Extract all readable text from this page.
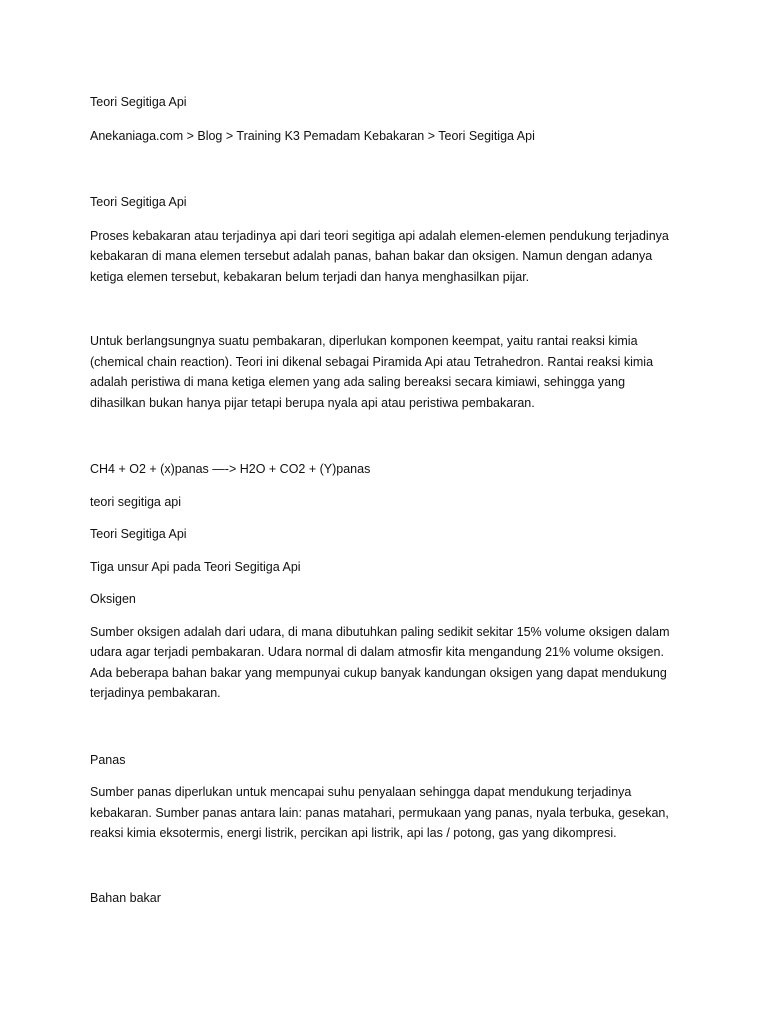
Teori Segitiga Api

Anekaniaga.com > Blog > Training K3 Pemadam Kebakaran > Teori Segitiga Api

Teori Segitiga Api

Proses kebakaran atau terjadinya api dari teori segitiga api adalah elemen-elemen pendukung terjadinya

kebakaran di mana elemen tersebut adalah panas, bahan bakar dan oksigen. Namun dengan adanya

ketiga elemen tersebut, kebakaran belum terjadi dan hanya menghasilkan pijar.

Untuk berlangsungnya suatu pembakaran, diperlukan komponen keempat, yaitu rantai reaksi kimia

(chemical chain reaction). Teori ini dikenal sebagai Piramida Api atau Tetrahedron. Rantai reaksi kimia

adalah peristiwa di mana ketiga elemen yang ada saling bereaksi secara kimiawi, sehingga yang

dihasilkan bukan hanya pijar tetapi berupa nyala api atau peristiwa pembakaran.

CH4 + O2 + (x)panas —-> H2O + CO2 + (Y)panas

teori segitiga api

Teori Segitiga Api

Tiga unsur Api pada Teori Segitiga Api

Oksigen

Sumber oksigen adalah dari udara, di mana dibutuhkan paling sedikit sekitar 15% volume oksigen dalam

udara agar terjadi pembakaran. Udara normal di dalam atmosfir kita mengandung 21% volume oksigen.

Ada beberapa bahan bakar yang mempunyai cukup banyak kandungan oksigen yang dapat mendukung

terjadinya pembakaran.

Panas

Sumber panas diperlukan untuk mencapai suhu penyalaan sehingga dapat mendukung terjadinya

kebakaran. Sumber panas antara lain: panas matahari, permukaan yang panas, nyala terbuka, gesekan,

reaksi kimia eksotermis, energi listrik, percikan api listrik, api las / potong, gas yang dikompresi.

Bahan bakar
